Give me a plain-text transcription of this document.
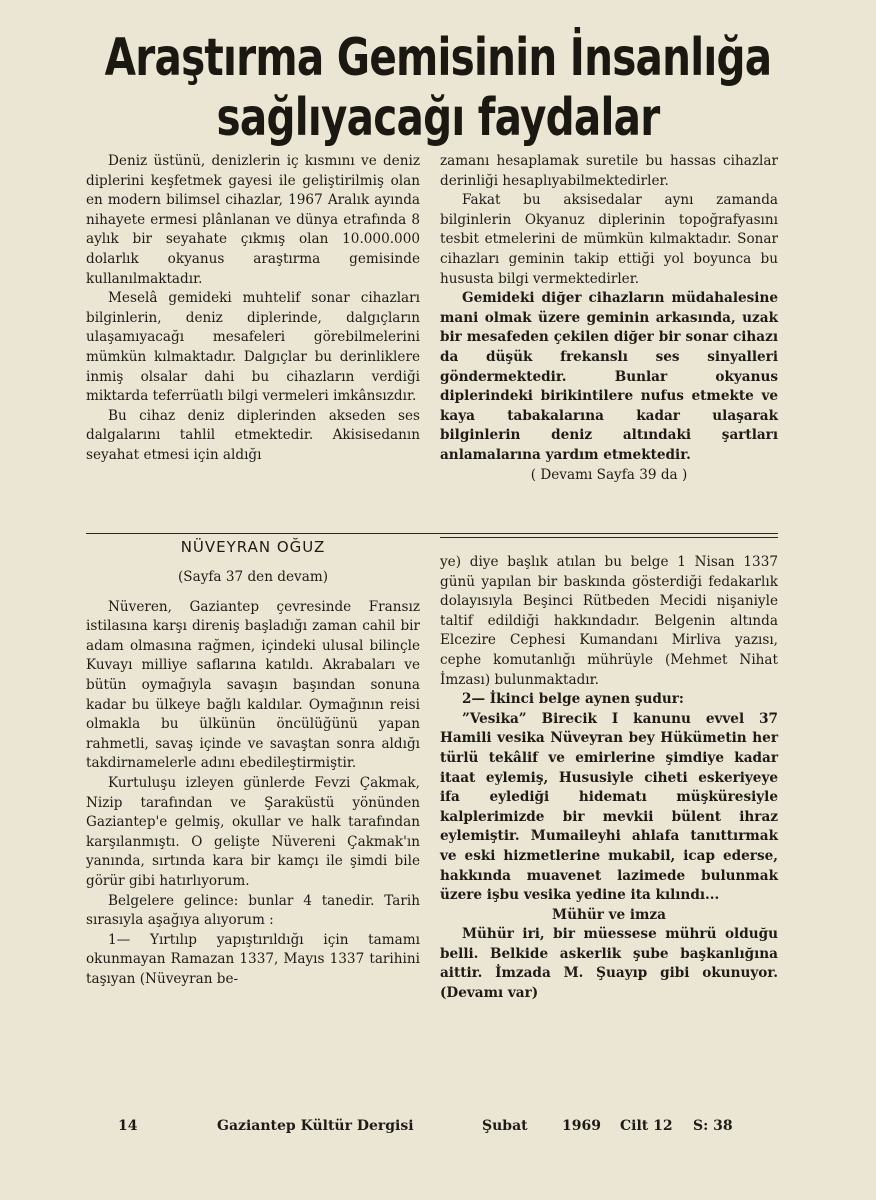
Araştırma Gemisinin İnsanlığa
sağlıyacağı faydalar

Deniz üstünü, denizlerin iç kısmını ve deniz diplerini keşfetmek gayesi ile geliştirilmiş olan en modern bilimsel cihazlar, 1967 Aralık ayında nihayete ermesi plânlanan ve dünya etrafında 8 aylık bir seyahate çıkmış olan 10.000.000 dolarlık okyanus araştırma gemisinde kullanılmaktadır.

Meselâ gemideki muhtelif sonar cihazları bilginlerin, deniz diplerinde, dalgıçların ulaşamıyacağı mesafeleri görebilmelerini mümkün kılmaktadır. Dalgıçlar bu derinliklere inmiş olsalar dahi bu cihazların verdiği miktarda teferrüatlı bilgi vermeleri imkânsızdır.

Bu cihaz deniz diplerinden akseden ses dalgalarını tahlil etmektedir. Akisisedanın seyahat etmesi için aldığı

zamanı hesaplamak suretile bu hassas cihazlar derinliği hesaplıyabilmektedirler.

Fakat bu aksisedalar aynı zamanda bilginlerin Okyanuz diplerinin topoğrafyasını tesbit etmelerini de mümkün kılmaktadır. Sonar cihazları geminin takip ettiği yol boyunca bu hususta bilgi vermektedirler.

Gemideki diğer cihazların müdahalesine mani olmak üzere geminin arkasında, uzak bir mesafeden çekilen diğer bir sonar cihazı da düşük frekanslı ses sinyalleri göndermektedir. Bunlar okyanus diplerindeki birikintilere nufus etmekte ve kaya tabakalarına kadar ulaşarak bilginlerin deniz altındaki şartları anlamalarına yardım etmektedir.

( Devamı Sayfa 39 da )

NÜVEYRAN OĞUZ

(Sayfa 37 den devam)

Nüveren, Gaziantep çevresinde Fransız istilasına karşı direniş başladığı zaman cahil bir adam olmasına rağmen, içindeki ulusal bilinçle Kuvayı milliye saflarına katıldı. Akrabaları ve bütün oymağıyla savaşın başından sonuna kadar bu ülkeye bağlı kaldılar. Oymağının reisi olmakla bu ülkünün öncülüğünü yapan rahmetli, savaş içinde ve savaştan sonra aldığı takdirnamelerle adını ebedileştirmiştir.

Kurtuluşu izleyen günlerde Fevzi Çakmak, Nizip tarafından ve Şaraküstü yönünden Gaziantep'e gelmiş, okullar ve halk tarafından karşılanmıştı. O gelişte Nüvereni Çakmak'ın yanında, sırtında kara bir kamçı ile şimdi bile görür gibi hatırlıyorum.

Belgelere gelince: bunlar 4 tanedir. Tarih sırasıyla aşağıya alıyorum :

1— Yırtılıp yapıştırıldığı için tamamı okunmayan Ramazan 1337, Mayıs 1337 tarihini taşıyan (Nüveyran be-

ye) diye başlık atılan bu belge 1 Nisan 1337 günü yapılan bir baskında gösterdiği fedakarlık dolayısıyla Beşinci Rütbeden Mecidi nişaniyle taltif edildiği hakkındadır. Belgenin altında Elcezire Cephesi Kumandanı Mirliva yazısı, cephe komutanlığı mührüyle (Mehmet Nihat İmzası) bulunmaktadır.

2— İkinci belge aynen şudur:

”Vesika” Birecik I kanunu evvel 37 Hamili vesika Nüveyran bey Hükümetin her türlü tekâlif ve emirlerine şimdiye kadar itaat eylemiş, Hususiyle ciheti eskeriyeye ifa eylediği hidematı müşküresiyle kalplerimizde bir mevkii bülent ihraz eylemiştir. Mumaileyhi ahlafa tanıttırmak ve eski hizmetlerine mukabil, icap ederse, hakkında muavenet lazimede bulunmak üzere işbu vesika yedine ita kılındı...

Mühür ve imza

Mühür iri, bir müessese mührü olduğu belli. Belkide askerlik şube başkanlığına aittir. İmzada M. Şuayıp gibi okunuyor. (Devamı var)

14	Gaziantep Kültür Dergisi	Şubat 1969 Cilt 12 S: 38
